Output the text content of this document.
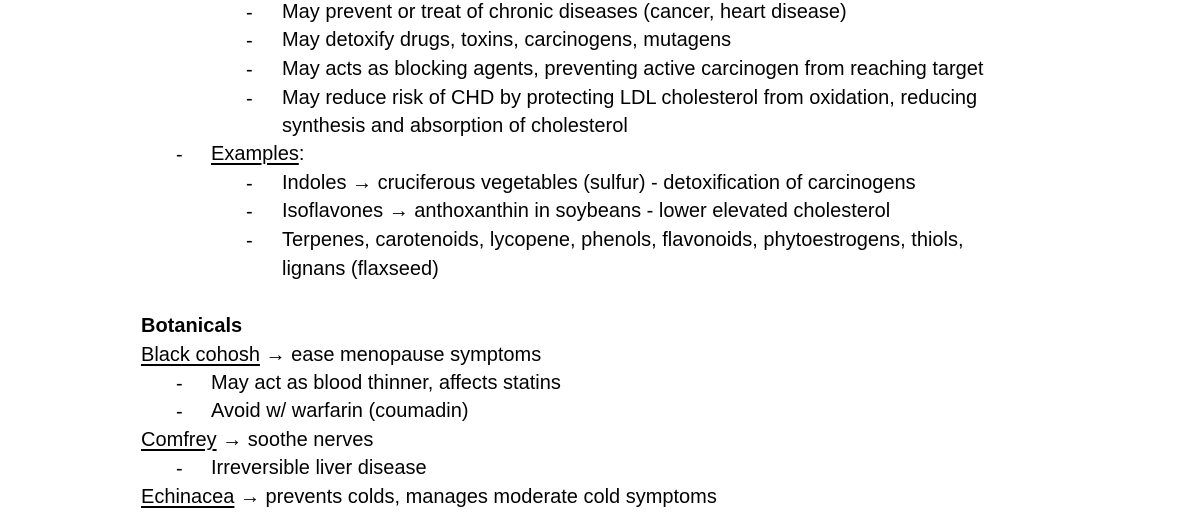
- May prevent or treat of chronic diseases (cancer, heart disease)
- May detoxify drugs, toxins, carcinogens, mutagens
- May acts as blocking agents, preventing active carcinogen from reaching target
- May reduce risk of CHD by protecting LDL cholesterol from oxidation, reducing
synthesis and absorption of cholesterol
- Examples:
- Indoles → cruciferous vegetables (sulfur) - detoxification of carcinogens
- Isoflavones → anthoxanthin in soybeans - lower elevated cholesterol
- Terpenes, carotenoids, lycopene, phenols, flavonoids, phytoestrogens, thiols,
lignans (flaxseed)
Botanicals
Black cohosh → ease menopause symptoms
- May act as blood thinner, affects statins
- Avoid w/ warfarin (coumadin)
Comfrey → soothe nerves
- Irreversible liver disease
Echinacea → prevents colds, manages moderate cold symptoms
